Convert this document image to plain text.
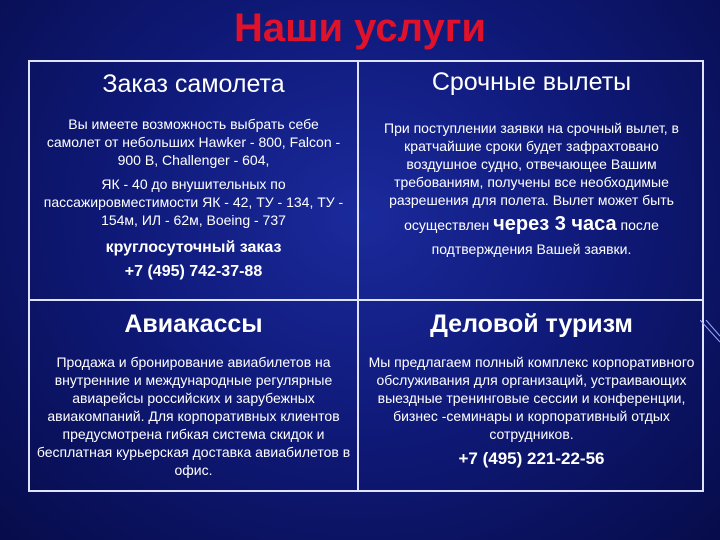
Наши услуги
Заказ самолета
Вы имеете возможность выбрать себе самолет от небольших Hawker - 800, Falcon - 900 B, Challenger - 604,
ЯК - 40 до внушительных по пассажировместимости ЯК - 42, ТУ - 134, ТУ - 154м, ИЛ - 62м, Boeing - 737
круглосуточный заказ
+7 (495) 742-37-88
Срочные вылеты
При поступлении заявки на срочный вылет, в кратчайшие сроки будет зафрахтовано воздушное судно, отвечающее Вашим требованиям, получены все необходимые разрешения для полета. Вылет может быть
осуществлен через 3 часа после
подтверждения Вашей заявки.
Авиакассы
Продажа и бронирование авиабилетов на внутренние и международные регулярные авиарейсы российских и зарубежных авиакомпаний. Для корпоративных клиентов предусмотрена гибкая система скидок и бесплатная курьерская доставка авиабилетов в офис.
Деловой туризм
Мы предлагаем полный комплекс корпоративного обслуживания для организаций, устраивающих выездные тренинговые сессии и конференции, бизнес -семинары и корпоративный отдых сотрудников.
+7 (495) 221-22-56
